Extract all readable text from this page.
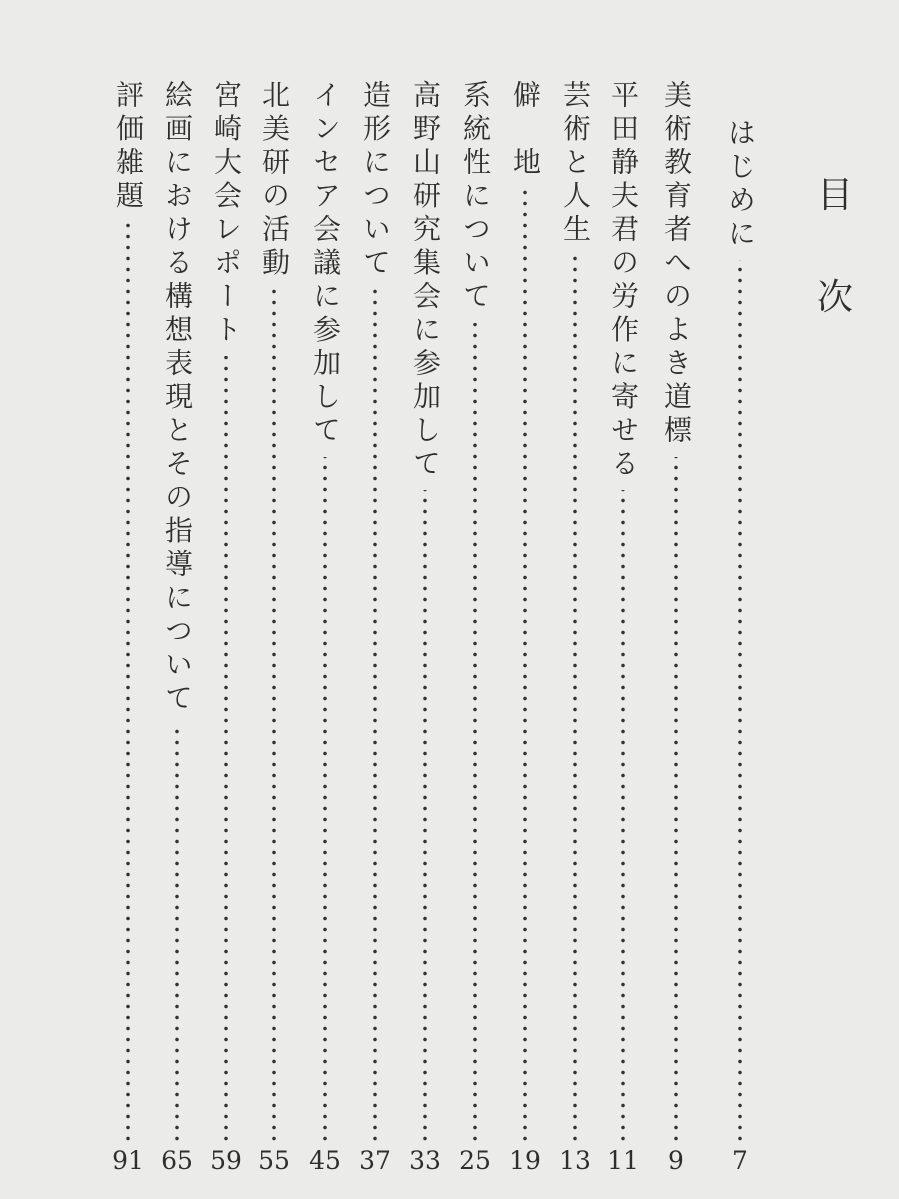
目
次
はじめに
7
美術教育者へのよき道標
9
平田静夫君の労作に寄せる
11
芸術と人生
13
僻　地
19
系統性について
25
高野山研究集会に参加して
33
造形について
37
インセア会議に参加して
45
北美研の活動
55
宮崎大会レポート
59
絵画における構想表現とその指導について
65
評価雑題
91
